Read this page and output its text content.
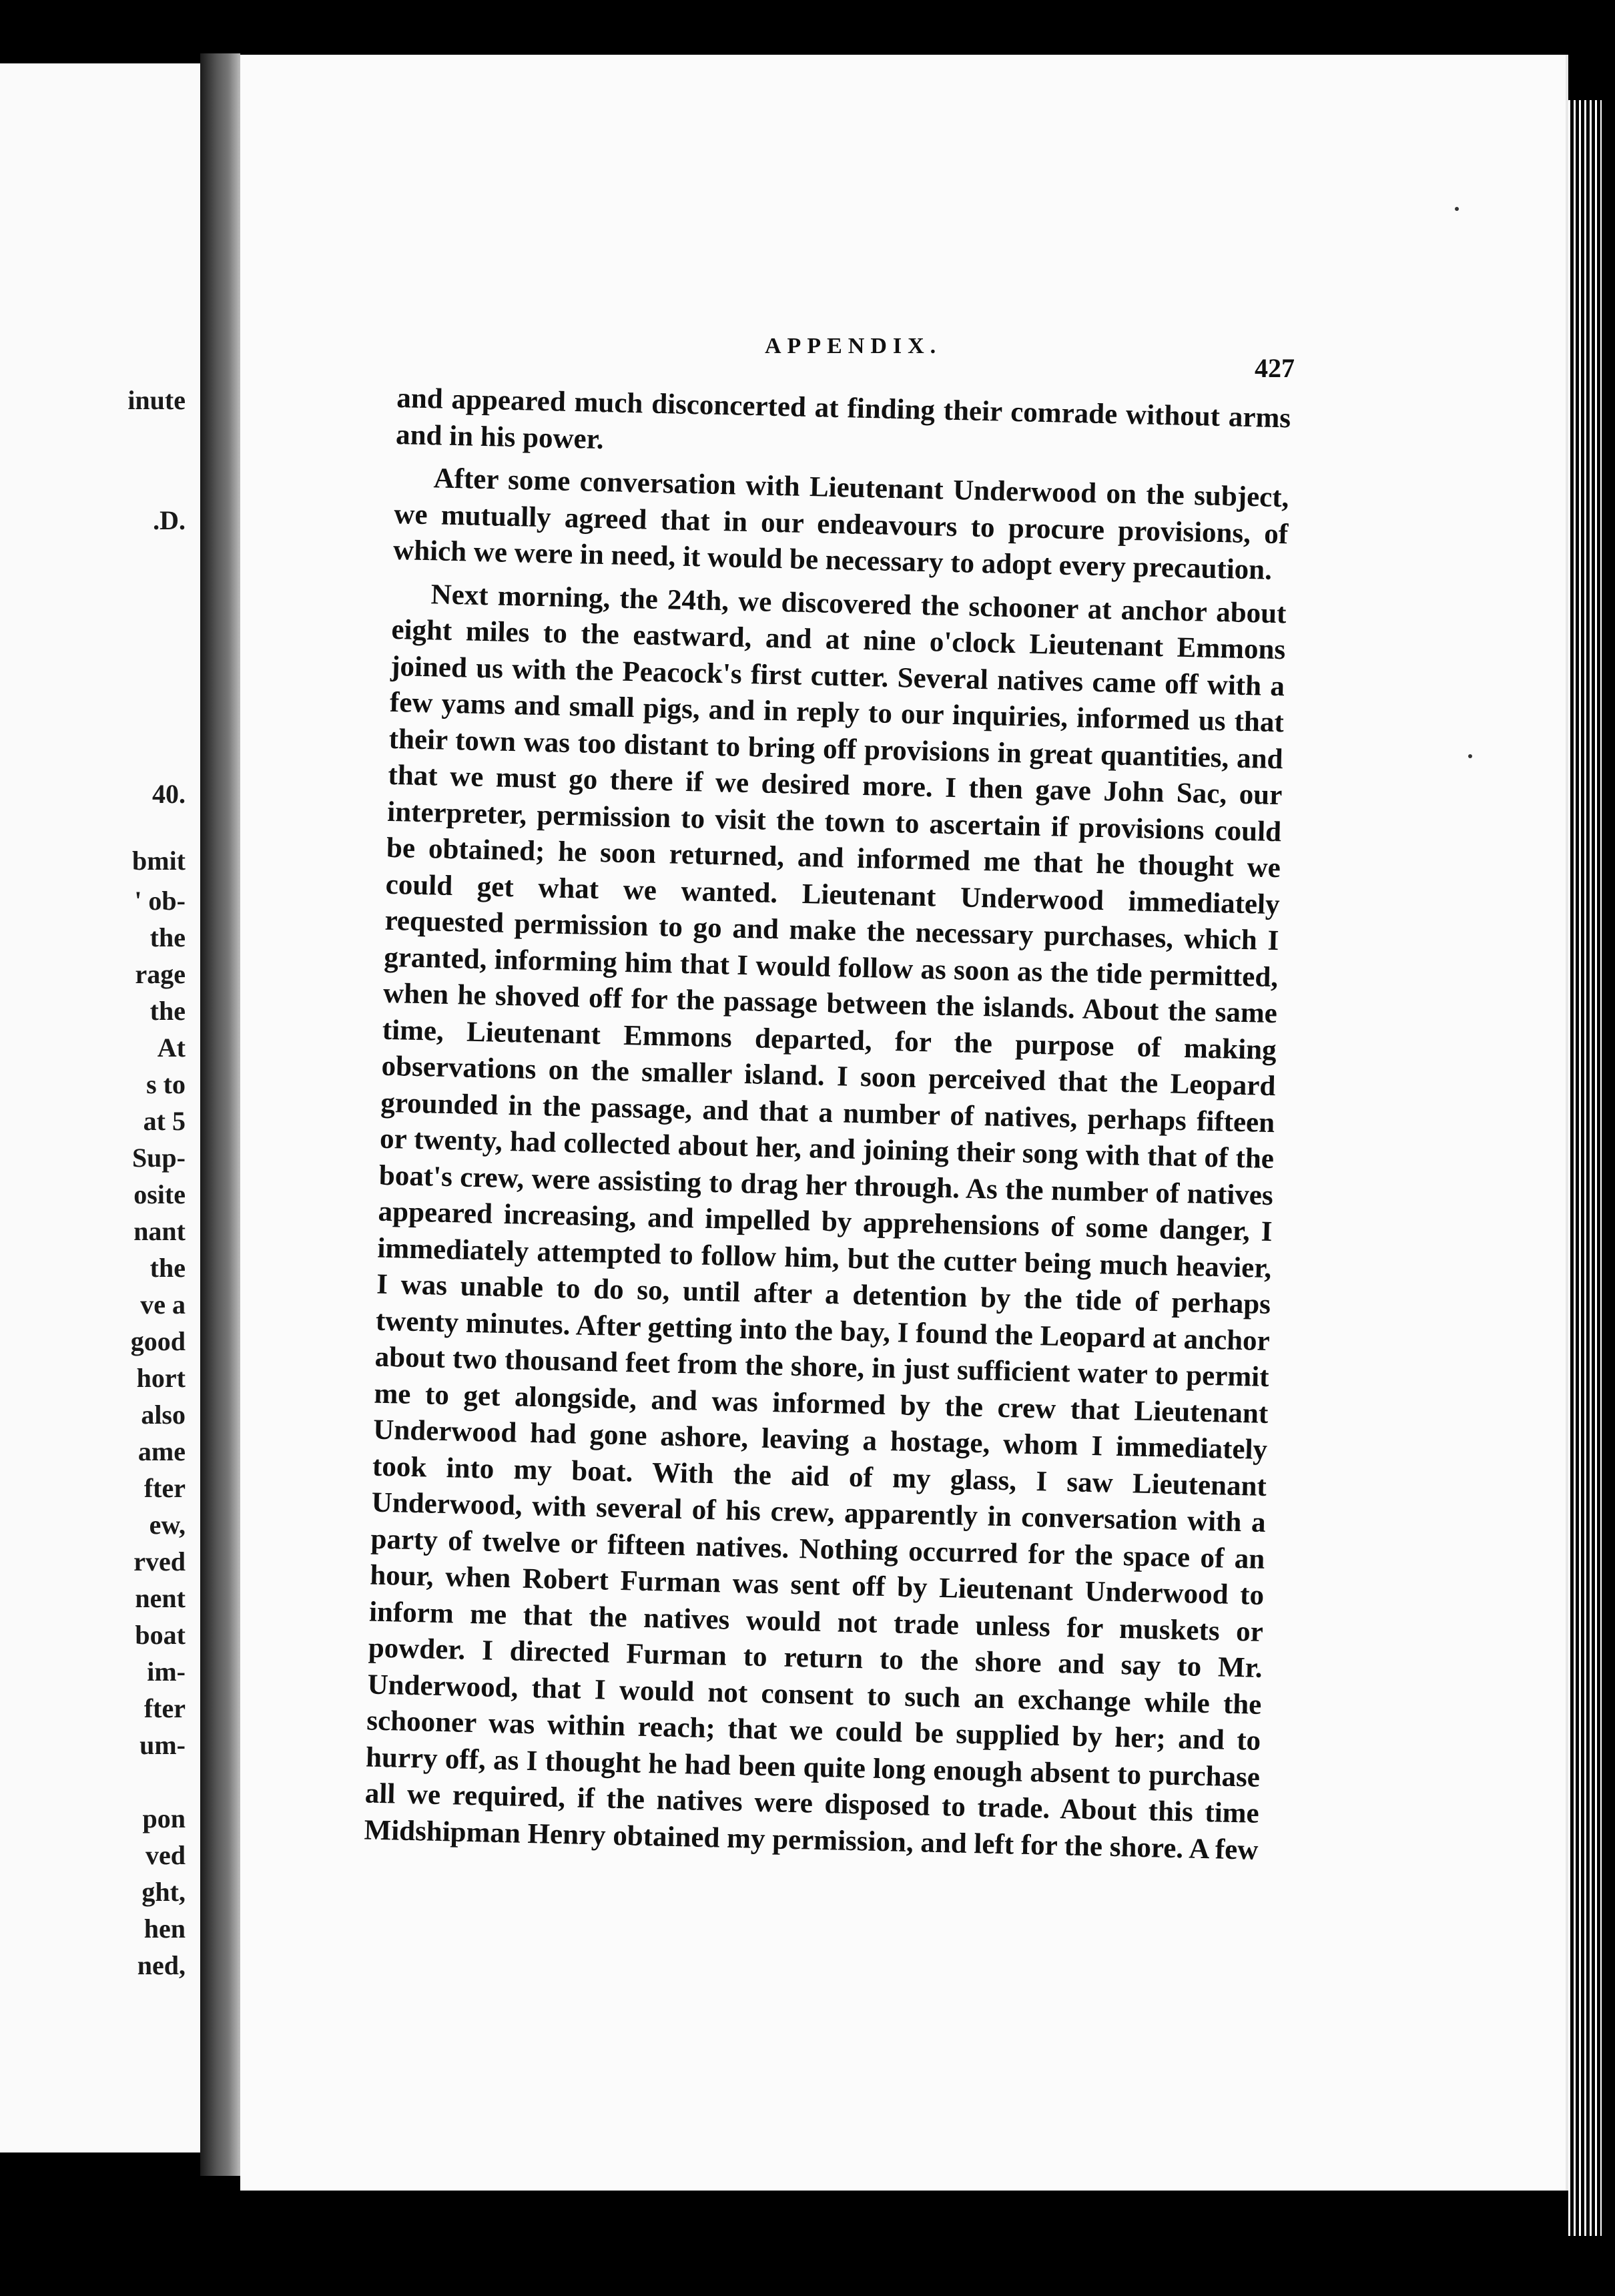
inute

.D.

40.

bmit

' ob-

the

rage

the

At

s to

at 5

Sup-

osite

nant

the

ve a

good

hort

also

ame

fter

ew,

rved

nent

boat

im-

fter

um-

pon

ved

ght,

hen

ned,

APPENDIX.

427

and appeared much disconcerted at finding their comrade without arms and in his power.

After some conversation with Lieutenant Underwood on the subject, we mutually agreed that in our endeavours to procure provisions, of which we were in need, it would be necessary to adopt every precaution.

Next morning, the 24th, we discovered the schooner at anchor about eight miles to the eastward, and at nine o'clock Lieutenant Emmons joined us with the Peacock's first cutter. Several natives came off with a few yams and small pigs, and in reply to our inquiries, informed us that their town was too distant to bring off provisions in great quantities, and that we must go there if we desired more. I then gave John Sac, our interpreter, permission to visit the town to ascertain if provisions could be obtained; he soon returned, and informed me that he thought we could get what we wanted. Lieutenant Underwood immediately requested permission to go and make the necessary purchases, which I granted, informing him that I would follow as soon as the tide permitted, when he shoved off for the passage between the islands. About the same time, Lieutenant Emmons departed, for the purpose of making observations on the smaller island. I soon perceived that the Leopard grounded in the passage, and that a number of natives, perhaps fifteen or twenty, had collected about her, and joining their song with that of the boat's crew, were assisting to drag her through. As the number of natives appeared increasing, and impelled by apprehensions of some danger, I immediately attempted to follow him, but the cutter being much heavier, I was unable to do so, until after a detention by the tide of perhaps twenty minutes. After getting into the bay, I found the Leopard at anchor about two thousand feet from the shore, in just sufficient water to permit me to get alongside, and was informed by the crew that Lieutenant Underwood had gone ashore, leaving a hostage, whom I immediately took into my boat. With the aid of my glass, I saw Lieutenant Underwood, with several of his crew, apparently in conversation with a party of twelve or fifteen natives. Nothing occurred for the space of an hour, when Robert Furman was sent off by Lieutenant Underwood to inform me that the natives would not trade unless for muskets or powder. I directed Furman to return to the shore and say to Mr. Underwood, that I would not consent to such an exchange while the schooner was within reach; that we could be supplied by her; and to hurry off, as I thought he had been quite long enough absent to purchase all we required, if the natives were disposed to trade. About this time Midshipman Henry obtained my permission, and left for the shore. A few
